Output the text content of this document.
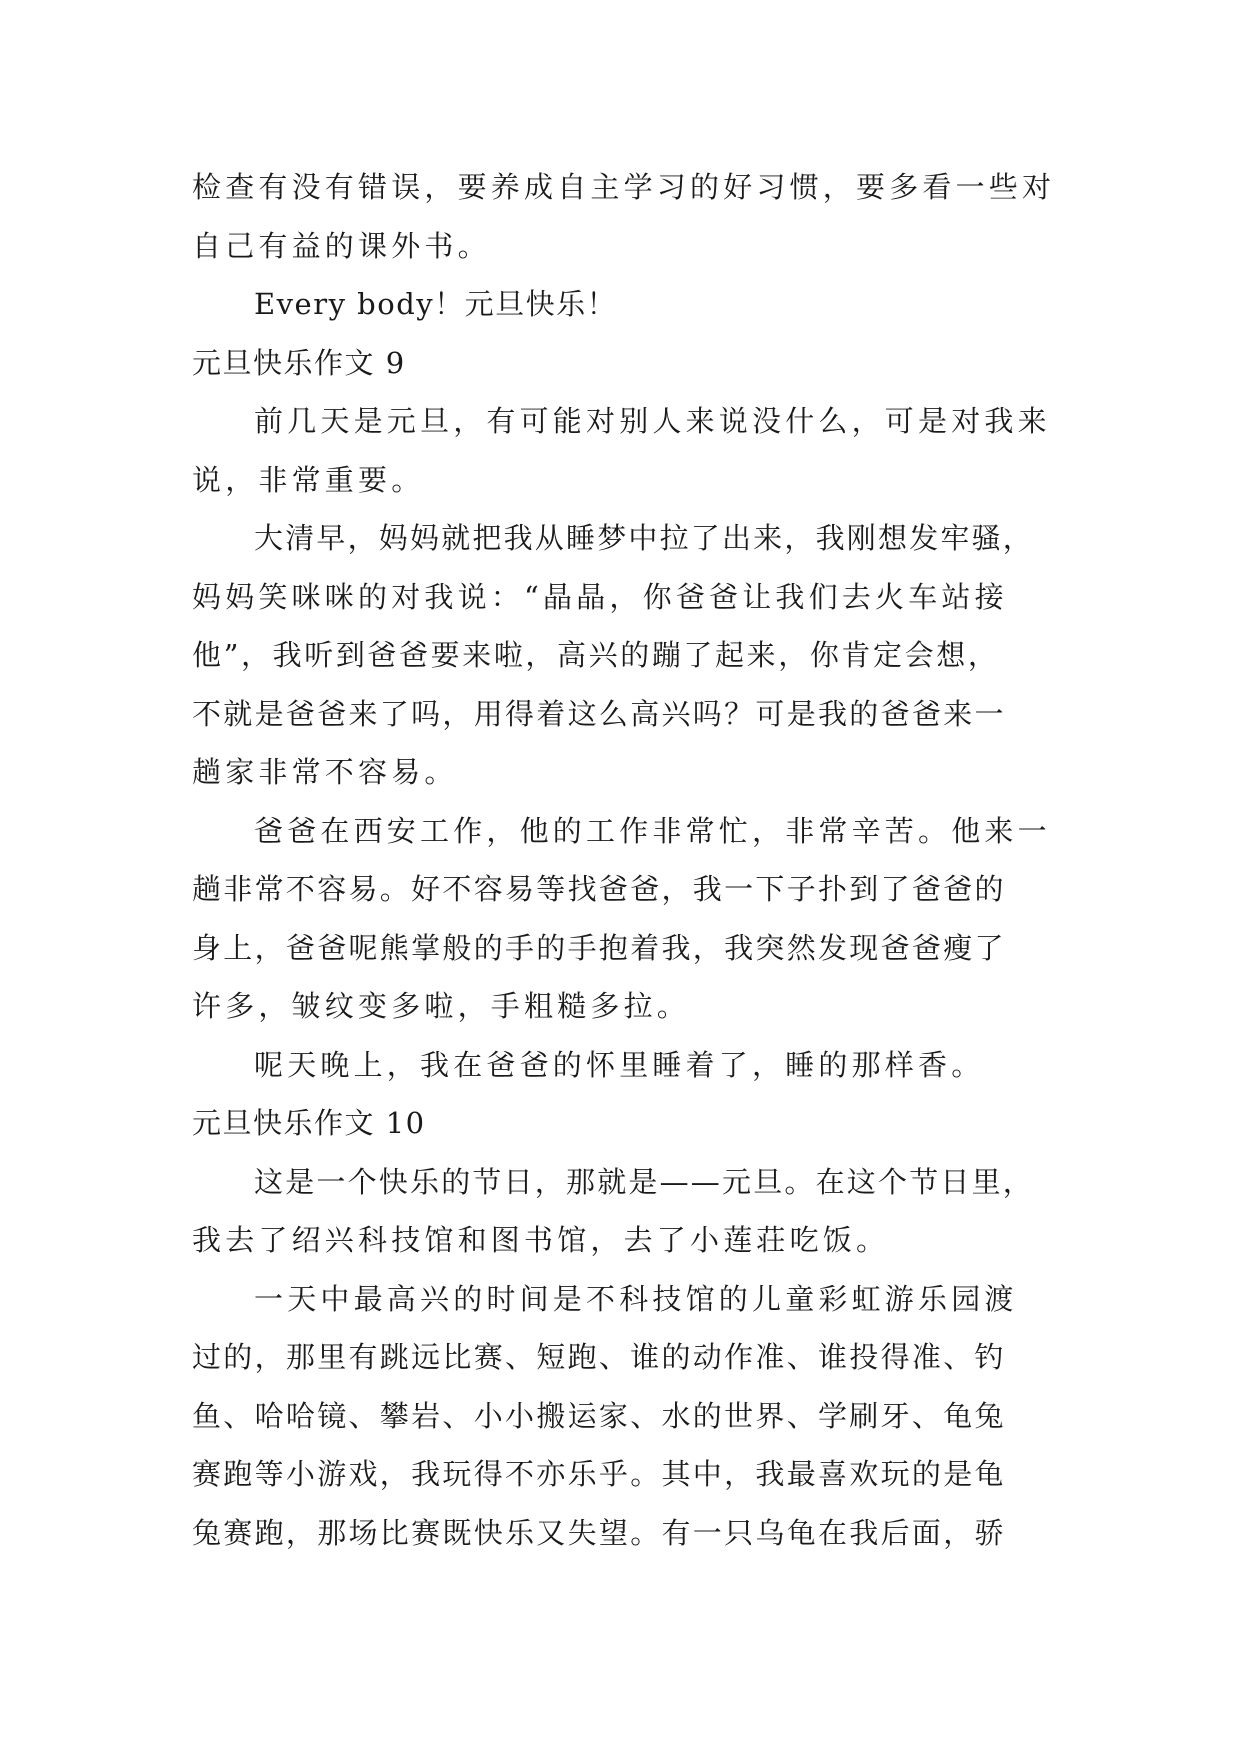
检查有没有错误，要养成自主学习的好习惯，要多看一些对
自己有益的课外书。
Every body！元旦快乐！
元旦快乐作文 9
前几天是元旦，有可能对别人来说没什么，可是对我来
说，非常重要。
大清早，妈妈就把我从睡梦中拉了出来，我刚想发牢骚，
妈妈笑咪咪的对我说：“晶晶，你爸爸让我们去火车站接
他”，我听到爸爸要来啦，高兴的蹦了起来，你肯定会想，
不就是爸爸来了吗，用得着这么高兴吗？可是我的爸爸来一
趟家非常不容易。
爸爸在西安工作，他的工作非常忙，非常辛苦。他来一
趟非常不容易。好不容易等找爸爸，我一下子扑到了爸爸的
身上，爸爸呢熊掌般的手的手抱着我，我突然发现爸爸瘦了
许多，皱纹变多啦，手粗糙多拉。
呢天晚上，我在爸爸的怀里睡着了，睡的那样香。
元旦快乐作文 10
这是一个快乐的节日，那就是——元旦。在这个节日里，
我去了绍兴科技馆和图书馆，去了小莲荘吃饭。
一天中最高兴的时间是不科技馆的儿童彩虹游乐园渡
过的，那里有跳远比赛、短跑、谁的动作准、谁投得准、钓
鱼、哈哈镜、攀岩、小小搬运家、水的世界、学刷牙、龟兔
赛跑等小游戏，我玩得不亦乐乎。其中，我最喜欢玩的是龟
兔赛跑，那场比赛既快乐又失望。有一只乌龟在我后面，骄
